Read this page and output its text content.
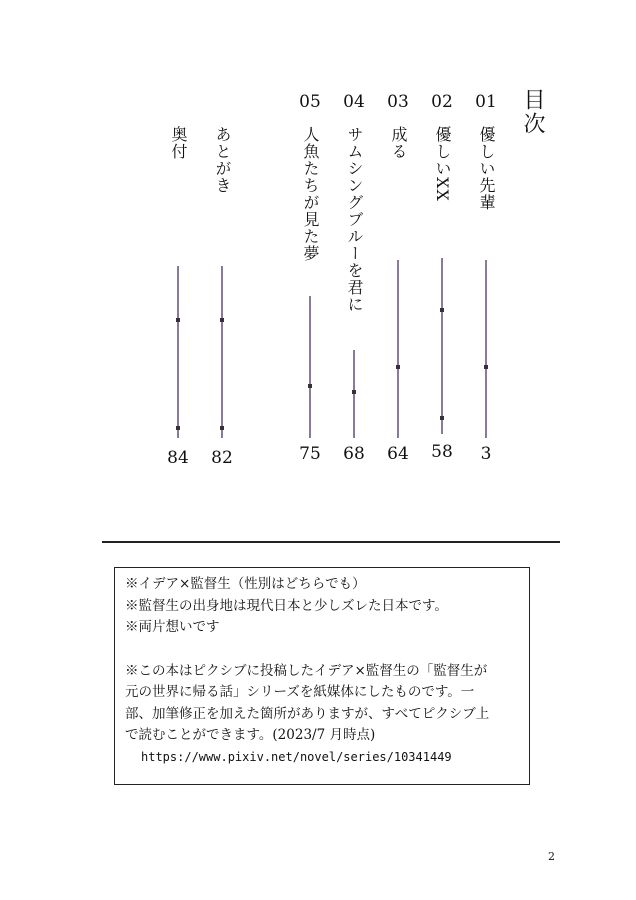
目次
01
優しい先輩
3
02
優しいXX
58
03
成る
64
04
サムシングブルーを君に
68
05
人魚たちが見た夢
75
あとがき
82
奥付
84

※イデア×監督生（性別はどちらでも）

※監督生の出身地は現代日本と少しズレた日本です。

※両片想いです

※この本はピクシブに投稿したイデア×監督生の「監督生が
元の世界に帰る話」シリーズを紙媒体にしたものです。一
部、加筆修正を加えた箇所がありますが、すべてピクシブ上
で読むことができます。(2023/7 月時点)

https://www.pixiv.net/novel/series/10341449

2
